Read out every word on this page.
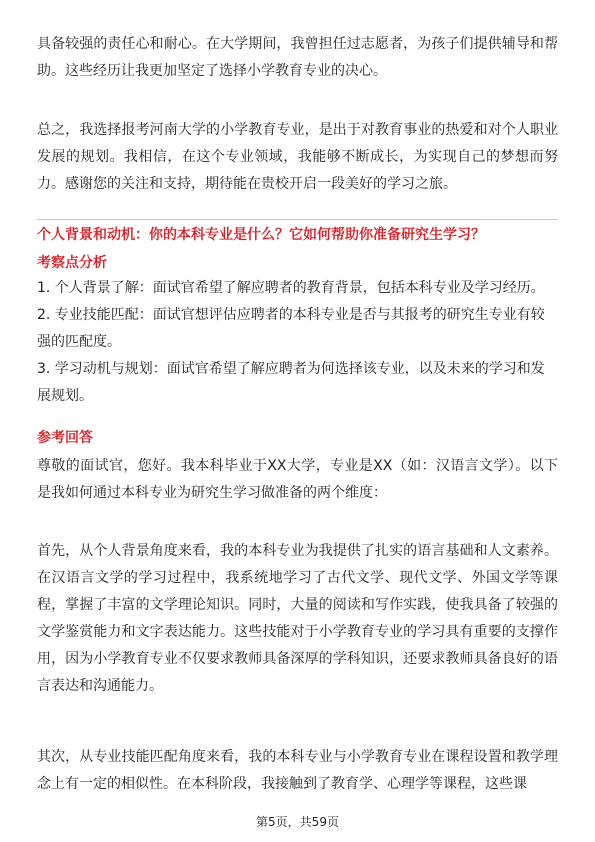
具备较强的责任心和耐心。在大学期间，我曾担任过志愿者，为孩子们提供辅导和帮助。这些经历让我更加坚定了选择小学教育专业的决心。

总之，我选择报考河南大学的小学教育专业，是出于对教育事业的热爱和对个人职业发展的规划。我相信，在这个专业领域，我能够不断成长，为实现自己的梦想而努力。感谢您的关注和支持，期待能在贵校开启一段美好的学习之旅。

个人背景和动机：你的本科专业是什么？它如何帮助你准备研究生学习？
考察点分析
1. 个人背景了解：面试官希望了解应聘者的教育背景，包括本科专业及学习经历。
2. 专业技能匹配：面试官想评估应聘者的本科专业是否与其报考的研究生专业有较强的匹配度。
3. 学习动机与规划：面试官希望了解应聘者为何选择该专业，以及未来的学习和发展规划。
参考回答

尊敬的面试官，您好。我本科毕业于XX大学，专业是XX（如：汉语言文学）。以下是我如何通过本科专业为研究生学习做准备的两个维度：

首先，从个人背景角度来看，我的本科专业为我提供了扎实的语言基础和人文素养。在汉语言文学的学习过程中，我系统地学习了古代文学、现代文学、外国文学等课程，掌握了丰富的文学理论知识。同时，大量的阅读和写作实践，使我具备了较强的文学鉴赏能力和文字表达能力。这些技能对于小学教育专业的学习具有重要的支撑作用，因为小学教育专业不仅要求教师具备深厚的学科知识，还要求教师具备良好的语言表达和沟通能力。

其次，从专业技能匹配角度来看，我的本科专业与小学教育专业在课程设置和教学理念上有一定的相似性。在本科阶段，我接触到了教育学、心理学等课程，这些课

第5页，共59页
